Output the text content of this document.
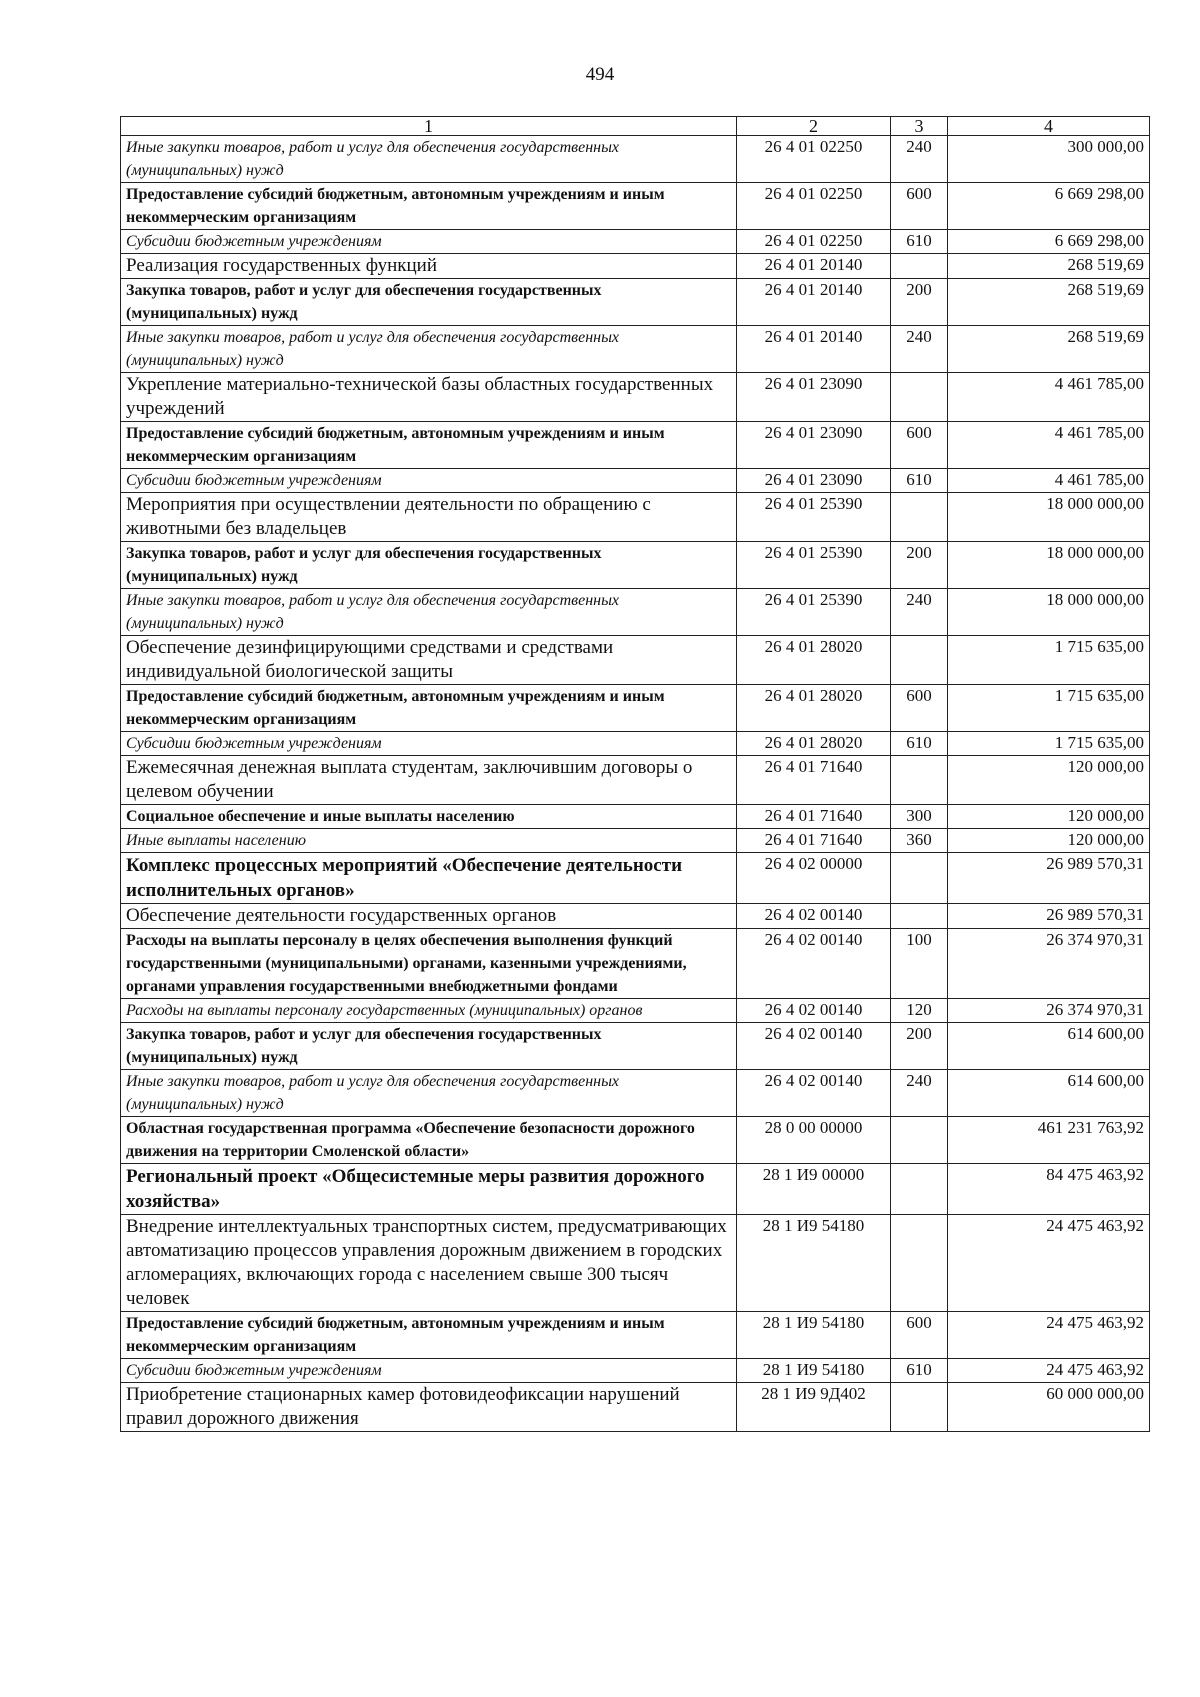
494
1	2	3	4
Иные закупки товаров, работ и услуг для обеспечения государственных (муниципальных) нужд	26 4 01 02250	240	300 000,00
Предоставление субсидий бюджетным, автономным учреждениям и иным некоммерческим организациям	26 4 01 02250	600	6 669 298,00
Субсидии бюджетным учреждениям	26 4 01 02250	610	6 669 298,00
Реализация государственных функций	26 4 01 20140		268 519,69
Закупка товаров, работ и услуг для обеспечения государственных (муниципальных) нужд	26 4 01 20140	200	268 519,69
Иные закупки товаров, работ и услуг для обеспечения государственных (муниципальных) нужд	26 4 01 20140	240	268 519,69
Укрепление материально-технической базы областных государственных учреждений	26 4 01 23090		4 461 785,00
Предоставление субсидий бюджетным, автономным учреждениям и иным некоммерческим организациям	26 4 01 23090	600	4 461 785,00
Субсидии бюджетным учреждениям	26 4 01 23090	610	4 461 785,00
Мероприятия при осуществлении деятельности по обращению с животными без владельцев	26 4 01 25390		18 000 000,00
Закупка товаров, работ и услуг для обеспечения государственных (муниципальных) нужд	26 4 01 25390	200	18 000 000,00
Иные закупки товаров, работ и услуг для обеспечения государственных (муниципальных) нужд	26 4 01 25390	240	18 000 000,00
Обеспечение дезинфицирующими средствами и средствами индивидуальной биологической защиты	26 4 01 28020		1 715 635,00
Предоставление субсидий бюджетным, автономным учреждениям и иным некоммерческим организациям	26 4 01 28020	600	1 715 635,00
Субсидии бюджетным учреждениям	26 4 01 28020	610	1 715 635,00
Ежемесячная денежная выплата студентам, заключившим договоры о целевом обучении	26 4 01 71640		120 000,00
Социальное обеспечение и иные выплаты населению	26 4 01 71640	300	120 000,00
Иные выплаты населению	26 4 01 71640	360	120 000,00
Комплекс процессных мероприятий «Обеспечение деятельности исполнительных органов»	26 4 02 00000		26 989 570,31
Обеспечение деятельности государственных органов	26 4 02 00140		26 989 570,31
Расходы на выплаты персоналу в целях обеспечения выполнения функций государственными (муниципальными) органами, казенными учреждениями, органами управления государственными внебюджетными фондами	26 4 02 00140	100	26 374 970,31
Расходы на выплаты персоналу государственных (муниципальных) органов	26 4 02 00140	120	26 374 970,31
Закупка товаров, работ и услуг для обеспечения государственных (муниципальных) нужд	26 4 02 00140	200	614 600,00
Иные закупки товаров, работ и услуг для обеспечения государственных (муниципальных) нужд	26 4 02 00140	240	614 600,00
Областная государственная программа «Обеспечение безопасности дорожного движения на территории Смоленской области»	28 0 00 00000		461 231 763,92
Региональный проект «Общесистемные меры развития дорожного хозяйства»	28 1 И9 00000		84 475 463,92
Внедрение интеллектуальных транспортных систем, предусматривающих автоматизацию процессов управления дорожным движением в городских агломерациях, включающих города с населением свыше 300 тысяч человек	28 1 И9 54180		24 475 463,92
Предоставление субсидий бюджетным, автономным учреждениям и иным некоммерческим организациям	28 1 И9 54180	600	24 475 463,92
Субсидии бюджетным учреждениям	28 1 И9 54180	610	24 475 463,92
Приобретение стационарных камер фотовидеофиксации нарушений правил дорожного движения	28 1 И9 9Д402		60 000 000,00
